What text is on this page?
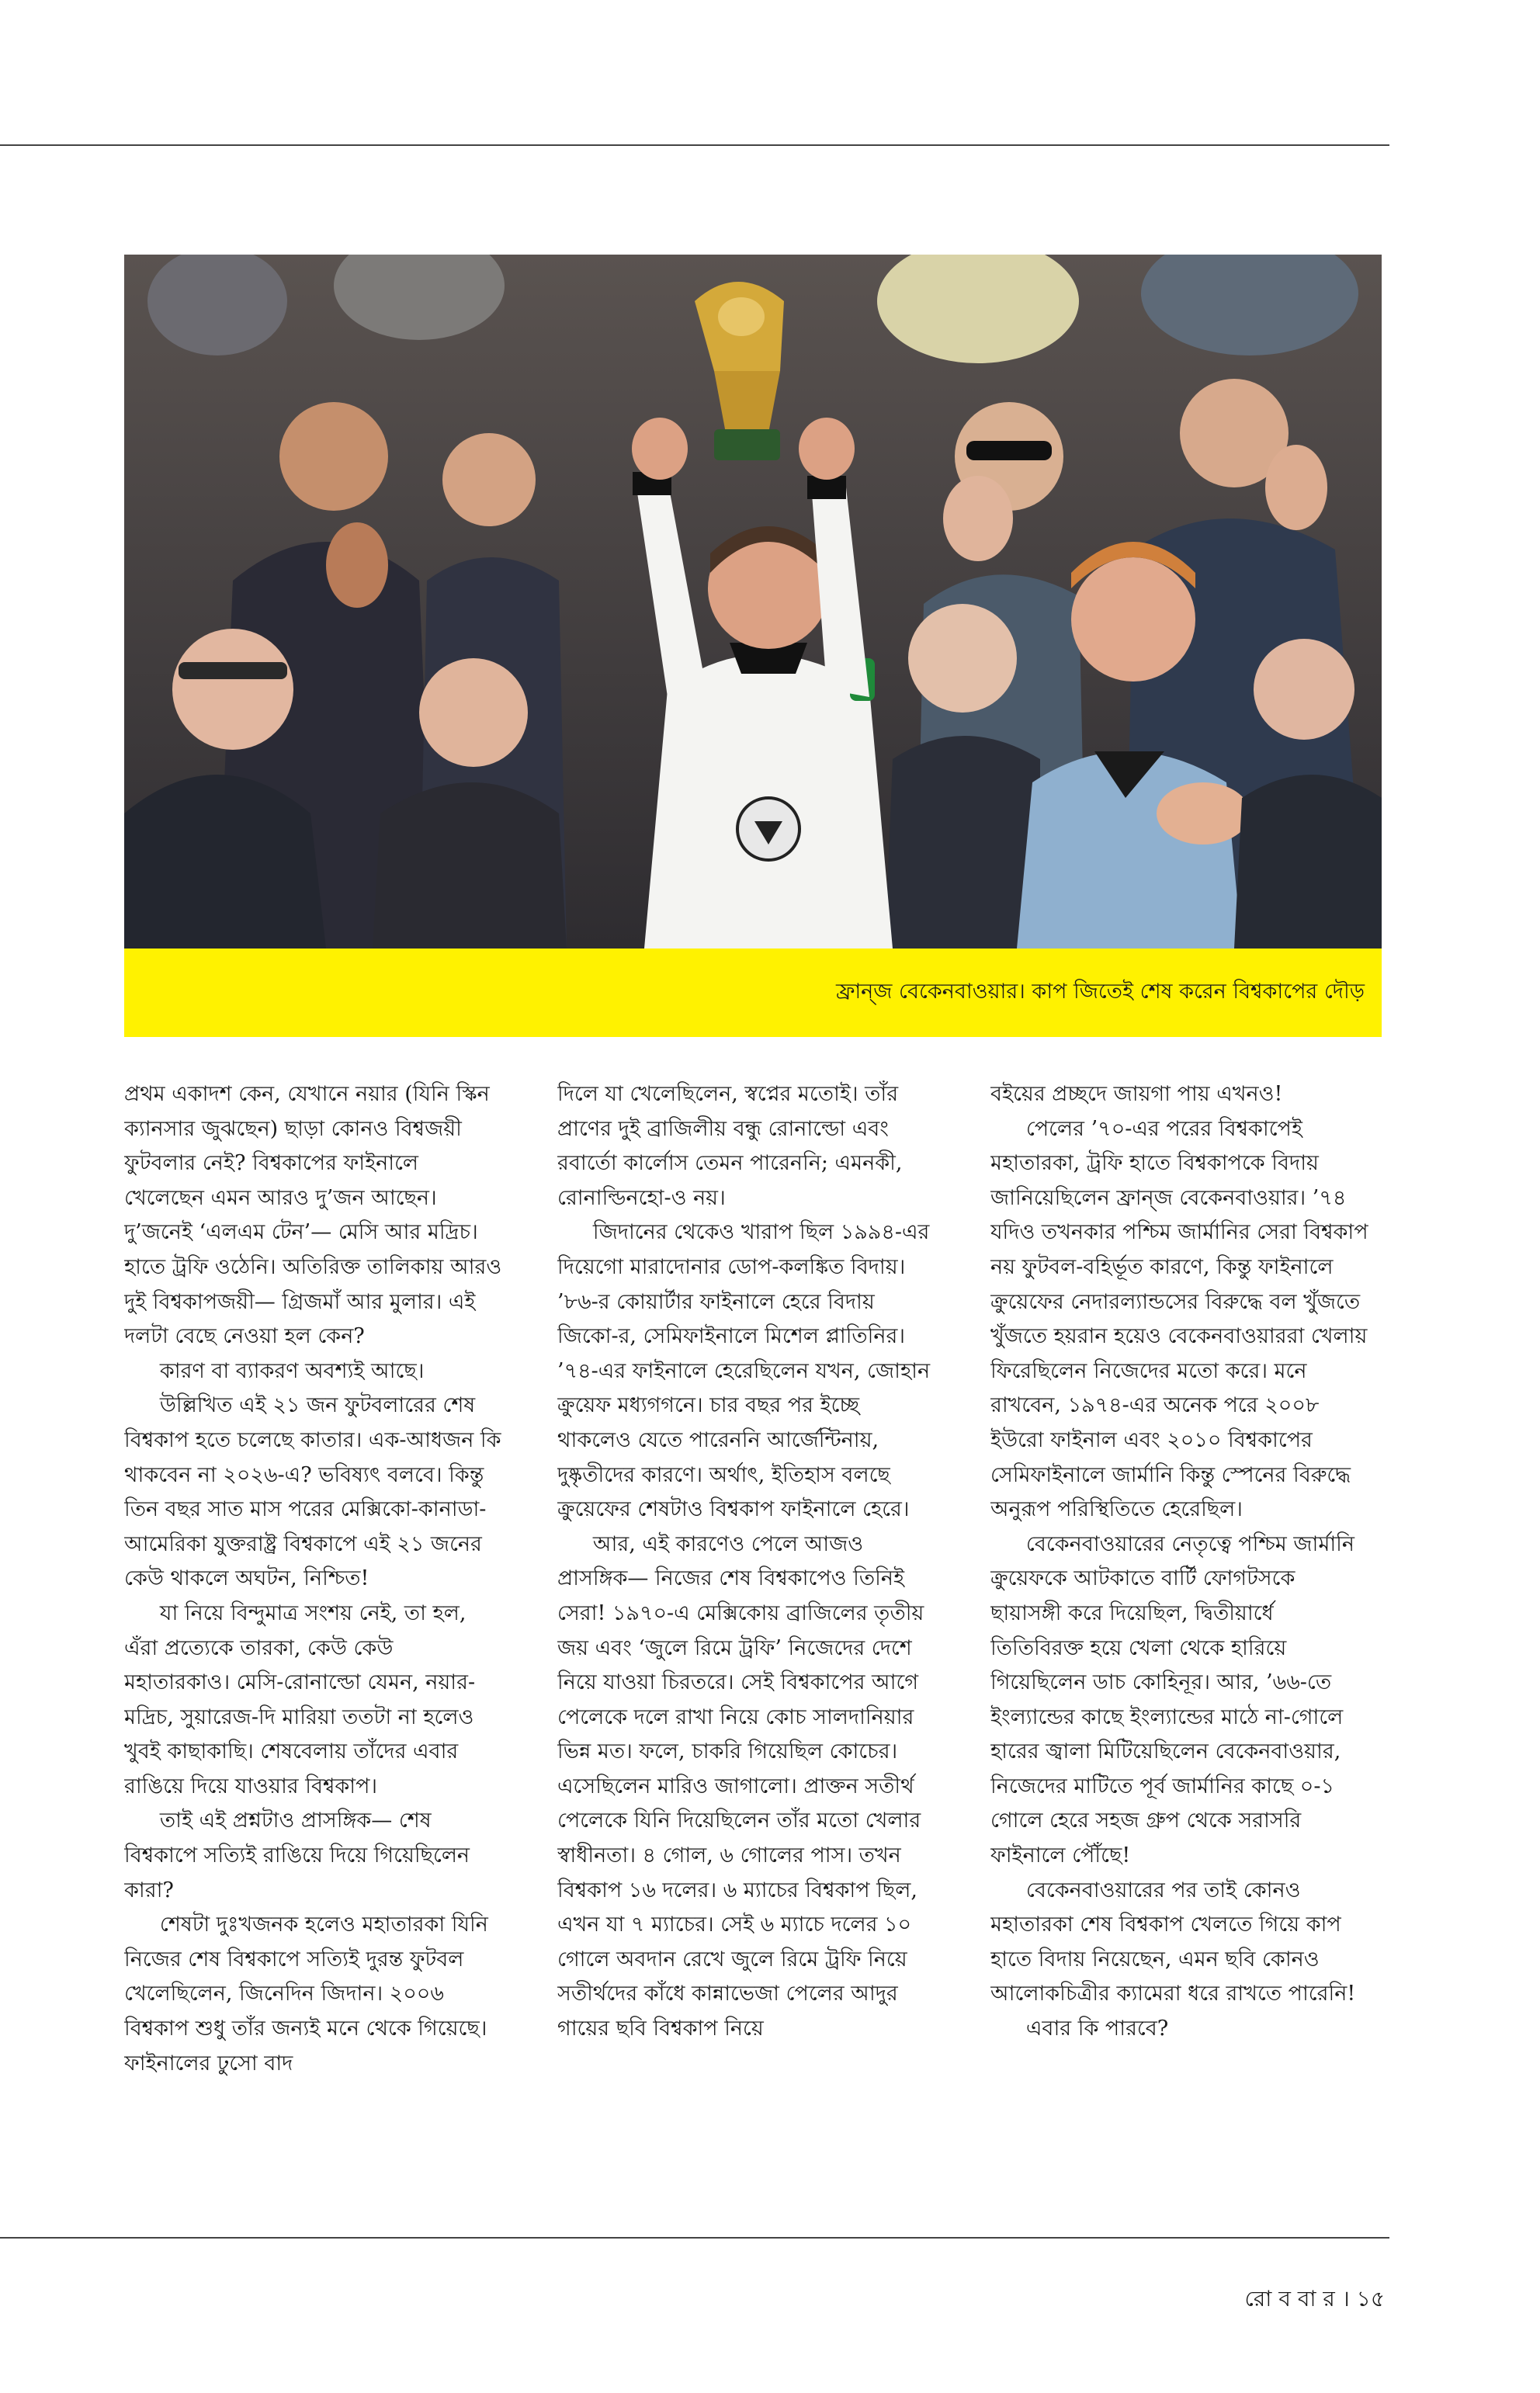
ফ্রান্জ বেকেনবাওয়ার। কাপ জিতেই শেষ করেন বিশ্বকাপের দৌড়

প্রথম একাদশ কেন, যেখানে নয়ার (যিনি স্কিন ক্যানসার জুঝছেন) ছাড়া কোনও বিশ্বজয়ী ফুটবলার নেই? বিশ্বকাপের ফাইনালে খেলেছেন এমন আরও দু’জন আছেন। দু’জনেই ‘এলএম টেন’— মেসি আর মদ্রিচ। হাতে ট্রফি ওঠেনি। অতিরিক্ত তালিকায় আরও দুই বিশ্বকাপজয়ী— গ্রিজমাঁ আর মুলার। এই দলটা বেছে নেওয়া হল কেন?

কারণ বা ব্যাকরণ অবশ্যই আছে।

উল্লিখিত এই ২১ জন ফুটবলারের শেষ বিশ্বকাপ হতে চলেছে কাতার। এক-আধজন কি থাকবেন না ২০২৬-এ? ভবিষ্যৎ বলবে। কিন্তু তিন বছর সাত মাস পরের মেক্সিকো-কানাডা-আমেরিকা যুক্তরাষ্ট্র বিশ্বকাপে এই ২১ জনের কেউ থাকলে অঘটন, নিশ্চিত!

যা নিয়ে বিন্দুমাত্র সংশয় নেই, তা হল, এঁরা প্রত্যেকে তারকা, কেউ কেউ মহাতারকাও। মেসি-রোনাল্ডো যেমন, নয়ার-মদ্রিচ, সুয়ারেজ-দি মারিয়া ততটা না হলেও খুবই কাছাকাছি। শেষবেলায় তাঁদের এবার রাঙিয়ে দিয়ে যাওয়ার বিশ্বকাপ।

তাই এই প্রশ্নটাও প্রাসঙ্গিক— শেষ বিশ্বকাপে সত্যিই রাঙিয়ে দিয়ে গিয়েছিলেন কারা?

শেষটা দুঃখজনক হলেও মহাতারকা যিনি নিজের শেষ বিশ্বকাপে সত্যিই দুরন্ত ফুটবল খেলেছিলেন, জিনেদিন জিদান। ২০০৬ বিশ্বকাপ শুধু তাঁর জন্যই মনে থেকে গিয়েছে। ফাইনালের ঢুসো বাদ

দিলে যা খেলেছিলেন, স্বপ্নের মতোই। তাঁর প্রাণের দুই ব্রাজিলীয় বন্ধু রোনাল্ডো এবং রবার্তো কার্লোস তেমন পারেননি; এমনকী, রোনাল্ডিনহো-ও নয়।

জিদানের থেকেও খারাপ ছিল ১৯৯৪-এর দিয়েগো মারাদোনার ডোপ-কলঙ্কিত বিদায়। ’৮৬-র কোয়ার্টার ফাইনালে হেরে বিদায় জিকো-র, সেমিফাইনালে মিশেল প্লাতিনির। ’৭৪-এর ফাইনালে হেরেছিলেন যখন, জোহান ক্রুয়েফ মধ্যগগনে। চার বছর পর ইচ্ছে থাকলেও যেতে পারেননি আর্জেন্টিনায়, দুষ্কৃতীদের কারণে। অর্থাৎ, ইতিহাস বলছে ক্রুয়েফের শেষটাও বিশ্বকাপ ফাইনালে হেরে।

আর, এই কারণেও পেলে আজও প্রাসঙ্গিক— নিজের শেষ বিশ্বকাপেও তিনিই সেরা! ১৯৭০-এ মেক্সিকোয় ব্রাজিলের তৃতীয় জয় এবং ‘জুলে রিমে ট্রফি’ নিজেদের দেশে নিয়ে যাওয়া চিরতরে। সেই বিশ্বকাপের আগে পেলেকে দলে রাখা নিয়ে কোচ সালদানিয়ার ভিন্ন মত। ফলে, চাকরি গিয়েছিল কোচের। এসেছিলেন মারিও জাগালো। প্রাক্তন সতীর্থ পেলেকে যিনি দিয়েছিলেন তাঁর মতো খেলার স্বাধীনতা। ৪ গোল, ৬ গোলের পাস। তখন বিশ্বকাপ ১৬ দলের। ৬ ম্যাচের বিশ্বকাপ ছিল, এখন যা ৭ ম্যাচের। সেই ৬ ম্যাচে দলের ১০ গোলে অবদান রেখে জুলে রিমে ট্রফি নিয়ে সতীর্থদের কাঁধে কান্নাভেজা পেলের আদুর গায়ের ছবি বিশ্বকাপ নিয়ে

বইয়ের প্রচ্ছদে জায়গা পায় এখনও!

পেলের ’৭০-এর পরের বিশ্বকাপেই মহাতারকা, ট্রফি হাতে বিশ্বকাপকে বিদায় জানিয়েছিলেন ফ্রান্জ বেকেনবাওয়ার। ’৭৪ যদিও তখনকার পশ্চিম জার্মানির সেরা বিশ্বকাপ নয় ফুটবল-বহির্ভূত কারণে, কিন্তু ফাইনালে ক্রুয়েফের নেদারল্যান্ডসের বিরুদ্ধে বল খুঁজতে খুঁজতে হয়রান হয়েও বেকেনবাওয়াররা খেলায় ফিরেছিলেন নিজেদের মতো করে। মনে রাখবেন, ১৯৭৪-এর অনেক পরে ২০০৮ ইউরো ফাইনাল এবং ২০১০ বিশ্বকাপের সেমিফাইনালে জার্মানি কিন্তু স্পেনের বিরুদ্ধে অনুরূপ পরিস্থিতিতে হেরেছিল।

বেকেনবাওয়ারের নেতৃত্বে পশ্চিম জার্মানি ক্রুয়েফকে আটকাতে বার্টি ফোগটসকে ছায়াসঙ্গী করে দিয়েছিল, দ্বিতীয়ার্ধে তিতিবিরক্ত হয়ে খেলা থেকে হারিয়ে গিয়েছিলেন ডাচ কোহিনূর। আর, ’৬৬-তে ইংল্যান্ডের কাছে ইংল্যান্ডের মাঠে না-গোলে হারের জ্বালা মিটিয়েছিলেন বেকেনবাওয়ার, নিজেদের মাটিতে পূর্ব জার্মানির কাছে ০-১ গোলে হেরে সহজ গ্রুপ থেকে সরাসরি ফাইনালে পৌঁছে!

বেকেনবাওয়ারের পর তাই কোনও মহাতারকা শেষ বিশ্বকাপ খেলতে গিয়ে কাপ হাতে বিদায় নিয়েছেন, এমন ছবি কোনও আলোকচিত্রীর ক্যামেরা ধরে রাখতে পারেনি!

এবার কি পারবে?

রো ব বা র । ১৫
